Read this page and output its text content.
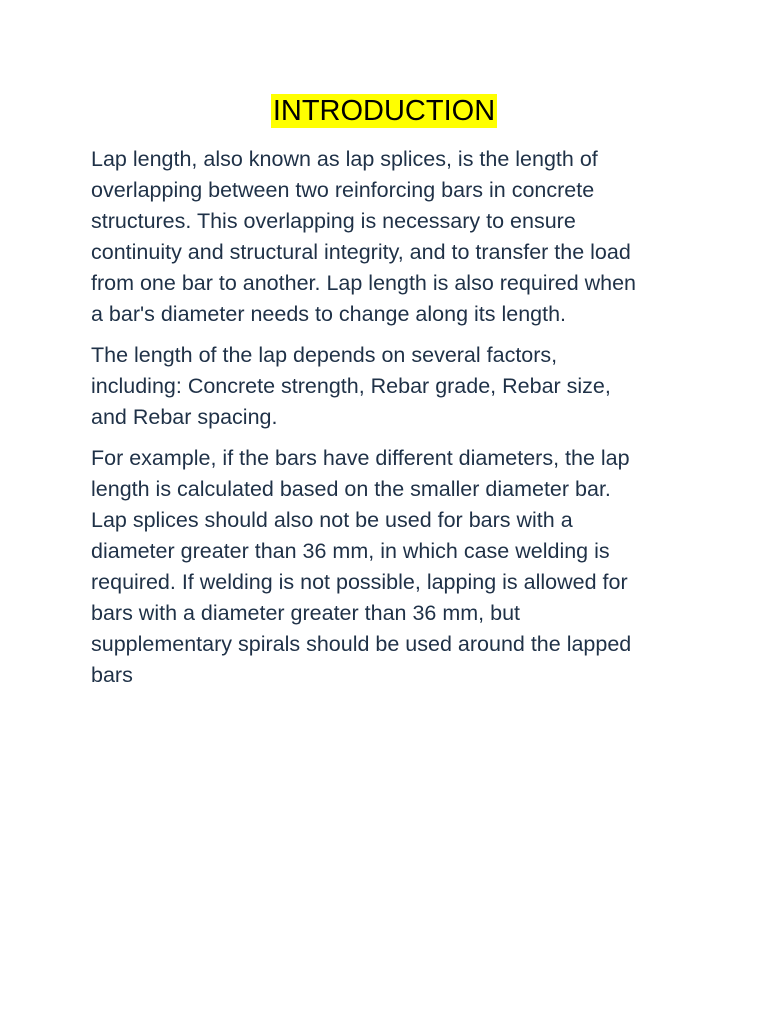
INTRODUCTION

Lap length, also known as lap splices, is the length of
overlapping between two reinforcing bars in concrete
structures. This overlapping is necessary to ensure
continuity and structural integrity, and to transfer the load
from one bar to another. Lap length is also required when
a bar's diameter needs to change along its length.

The length of the lap depends on several factors,
including: Concrete strength, Rebar grade, Rebar size,
and Rebar spacing.

For example, if the bars have different diameters, the lap
length is calculated based on the smaller diameter bar.
Lap splices should also not be used for bars with a
diameter greater than 36 mm, in which case welding is
required. If welding is not possible, lapping is allowed for
bars with a diameter greater than 36 mm, but
supplementary spirals should be used around the lapped
bars
